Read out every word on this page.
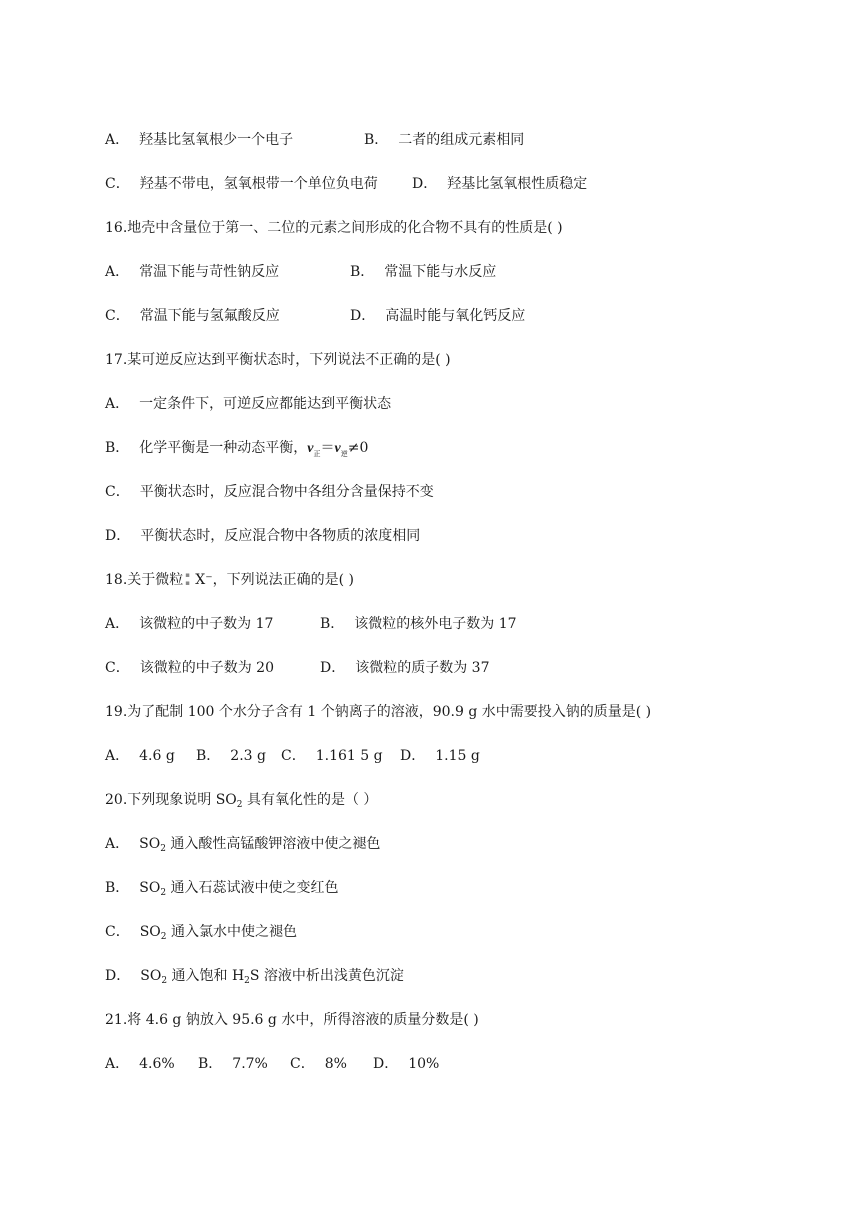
A． 羟基比氢氧根少一个电子	B． 二者的组成元素相同
C． 羟基不带电，氢氧根带一个单位负电荷 D． 羟基比氢氧根性质稳定
16.地壳中含量位于第一、二位的元素之间形成的化合物不具有的性质是( )
A． 常温下能与苛性钠反应	B． 常温下能与水反应
C． 常温下能与氢氟酸反应	D． 高温时能与氧化钙反应
17.某可逆反应达到平衡状态时，下列说法不正确的是( )
A． 一定条件下，可逆反应都能达到平衡状态
B． 化学平衡是一种动态平衡，$v_正=v_逆\ne 0$
C． 平衡状态时，反应混合物中各组分含量保持不变
D． 平衡状态时，反应混合物中各物质的浓度相同
18.关于微粒 ▪
▪ X⁻，下列说法正确的是( )
A． 该微粒的中子数为 17	B． 该微粒的核外电子数为 17
C． 该微粒的中子数为 20	D． 该微粒的质子数为 37
19.为了配制 100 个水分子含有 1 个钠离子的溶液，90.9 g 水中需要投入钠的质量是( )
A． 4.6 g B． 2.3 g C． 1.161 5 g D． 1.15 g
20.下列现象说明 $SO_2$ 具有氧化性的是（ ）
A． $SO_2$ 通入酸性高锰酸钾溶液中使之褪色
B． $SO_2$ 通入石蕊试液中使之变红色
C． $SO_2$ 通入氯水中使之褪色
D． $SO_2$ 通入饱和 $H_2S$ 溶液中析出浅黄色沉淀
21.将 4.6 g 钠放入 95.6 g 水中，所得溶液的质量分数是( )
A． 4.6% B． 7.7% C． 8% D． 10%
